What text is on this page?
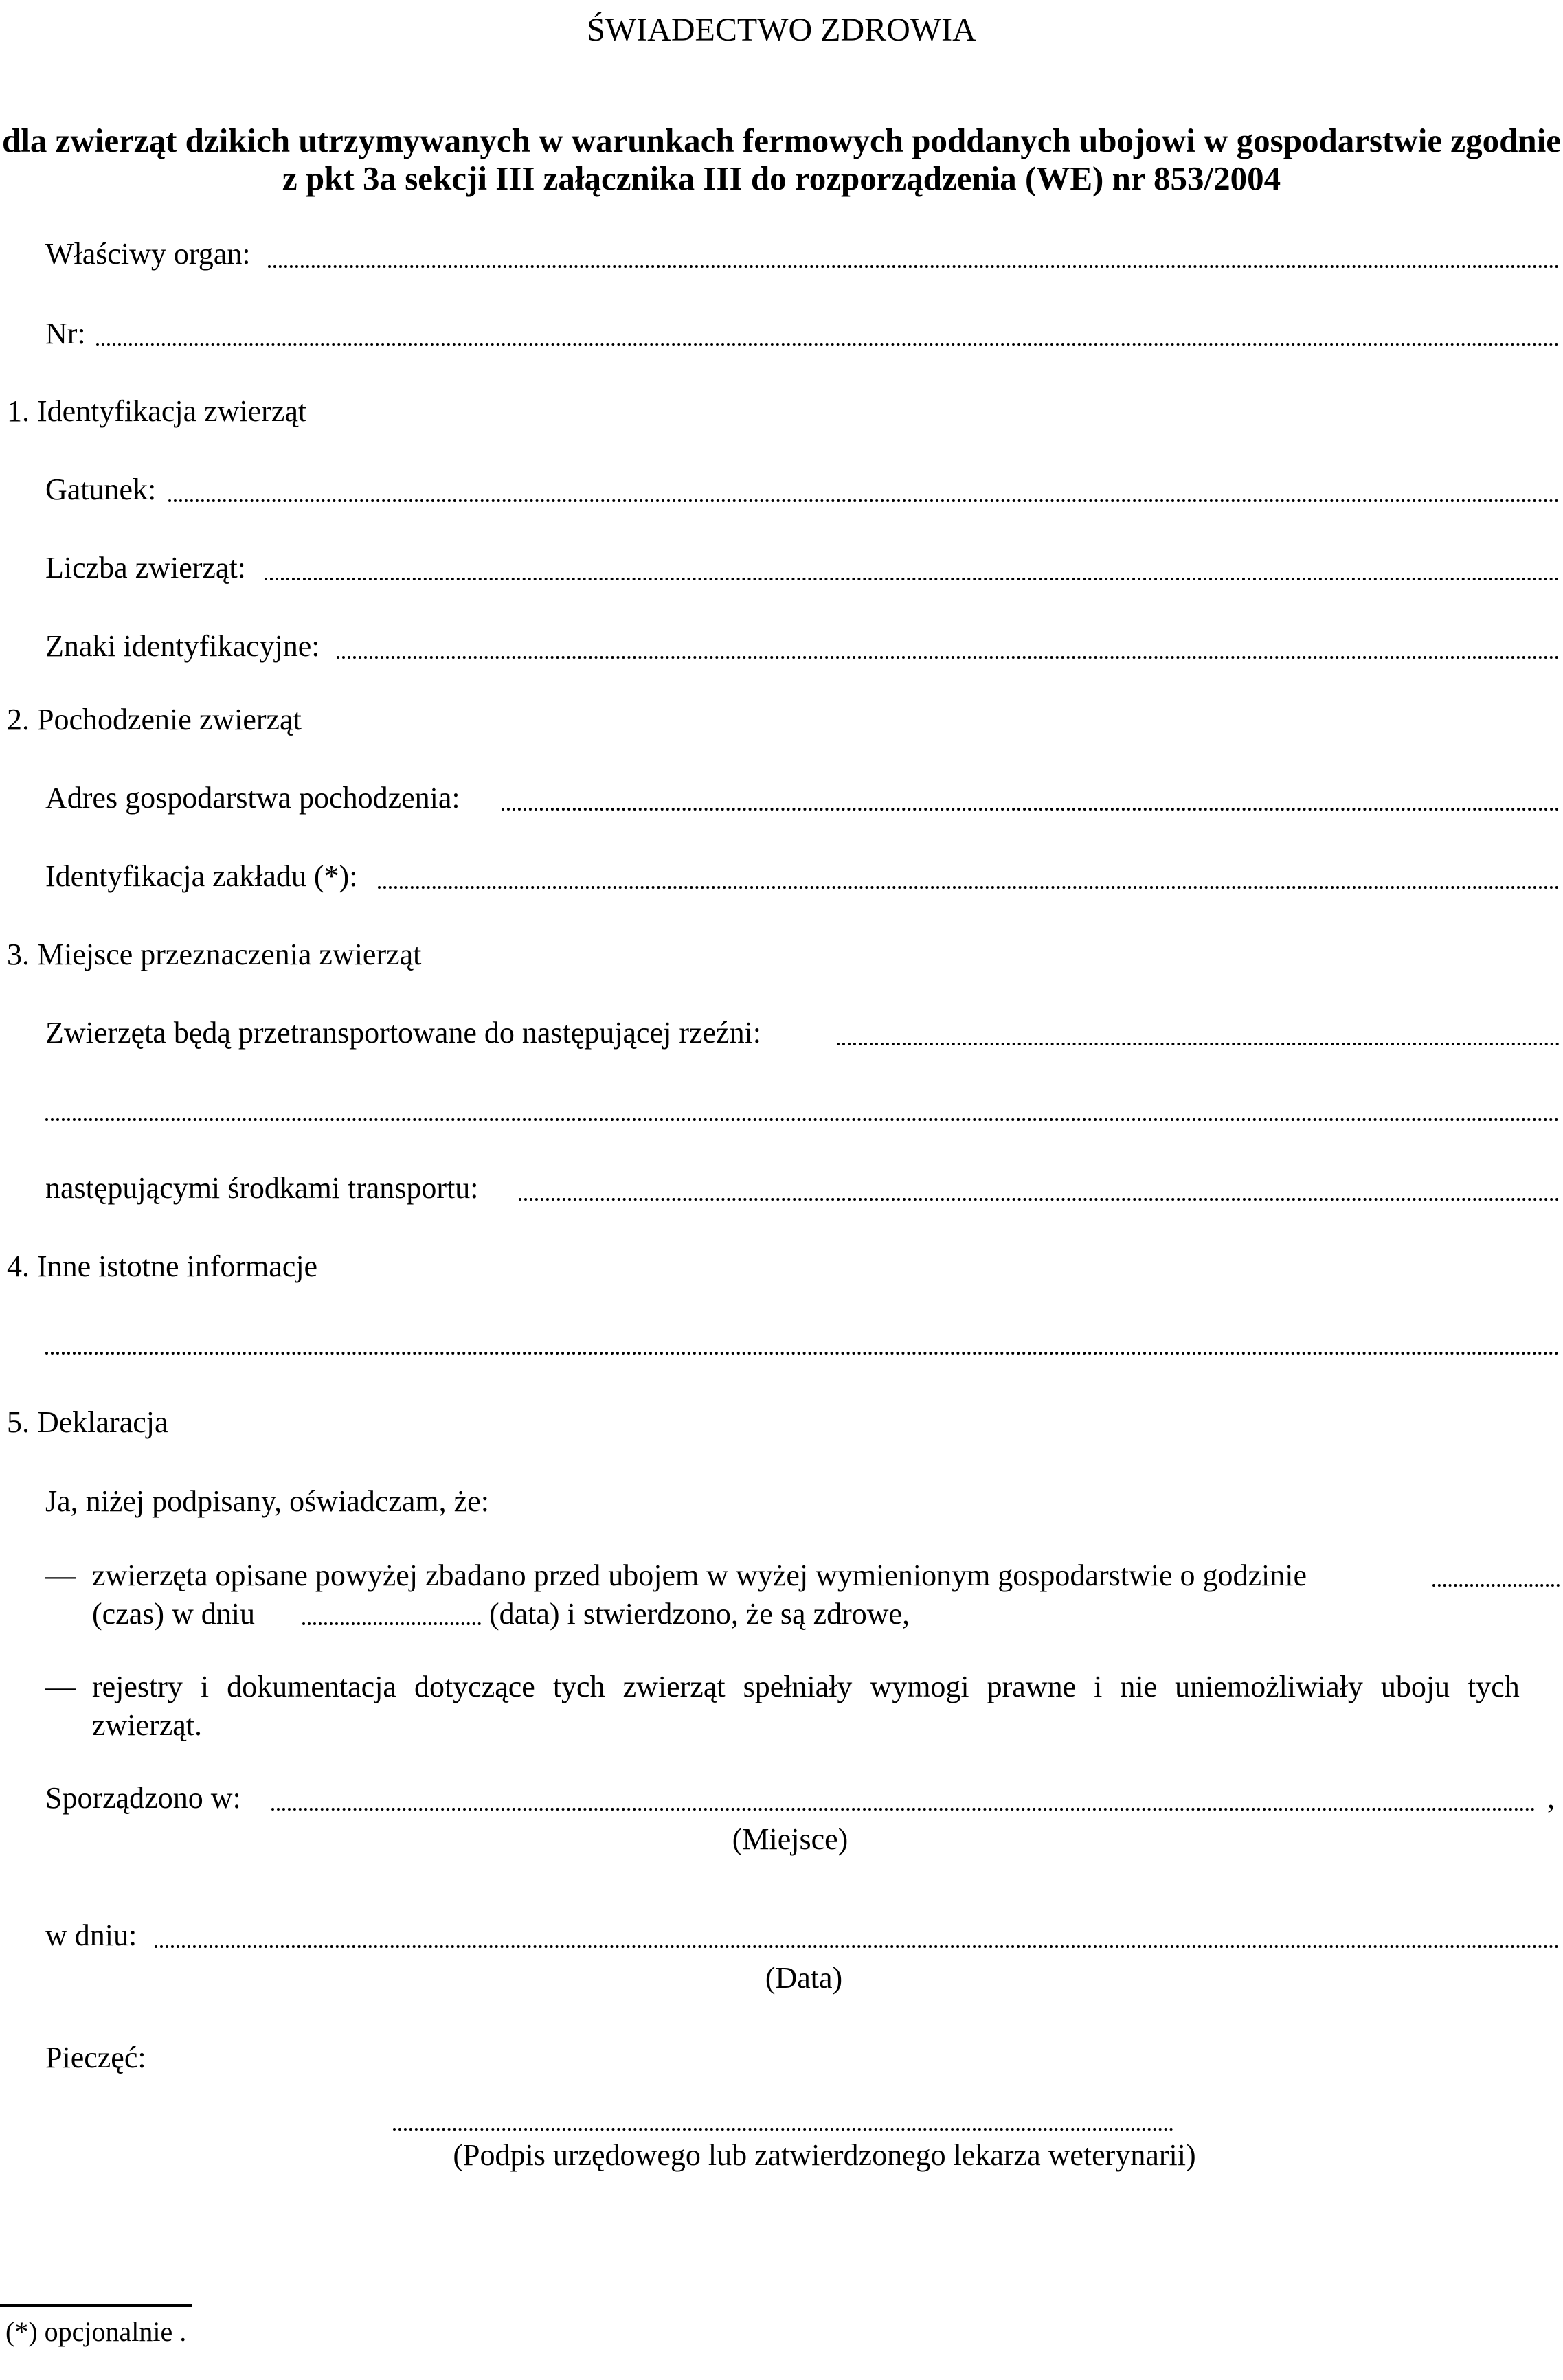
ŚWIADECTWO ZDROWIA
dla zwierząt dzikich utrzymywanych w warunkach fermowych poddanych ubojowi w gospodarstwie zgodnie
z pkt 3a sekcji III załącznika III do rozporządzenia (WE) nr 853/2004
Właściwy organ:
Nr:
1. Identyfikacja zwierząt
Gatunek:
Liczba zwierząt:
Znaki identyfikacyjne:
2. Pochodzenie zwierząt
Adres gospodarstwa pochodzenia:
Identyfikacja zakładu (*):
3. Miejsce przeznaczenia zwierząt
Zwierzęta będą przetransportowane do następującej rzeźni:
następującymi środkami transportu:
4. Inne istotne informacje
5. Deklaracja
Ja, niżej podpisany, oświadczam, że:
— zwierzęta opisane powyżej zbadano przed ubojem w wyżej wymienionym gospodarstwie o godzinie
(czas) w dniu	(data) i stwierdzono, że są zdrowe,
— rejestry i dokumentacja dotyczące tych zwierząt spełniały wymogi prawne i nie uniemożliwiały uboju tych
zwierząt.
Sporządzono w:	,
(Miejsce)
w dniu:
(Data)
Pieczęć:
(Podpis urzędowego lub zatwierdzonego lekarza weterynarii)
(*) opcjonalnie .
